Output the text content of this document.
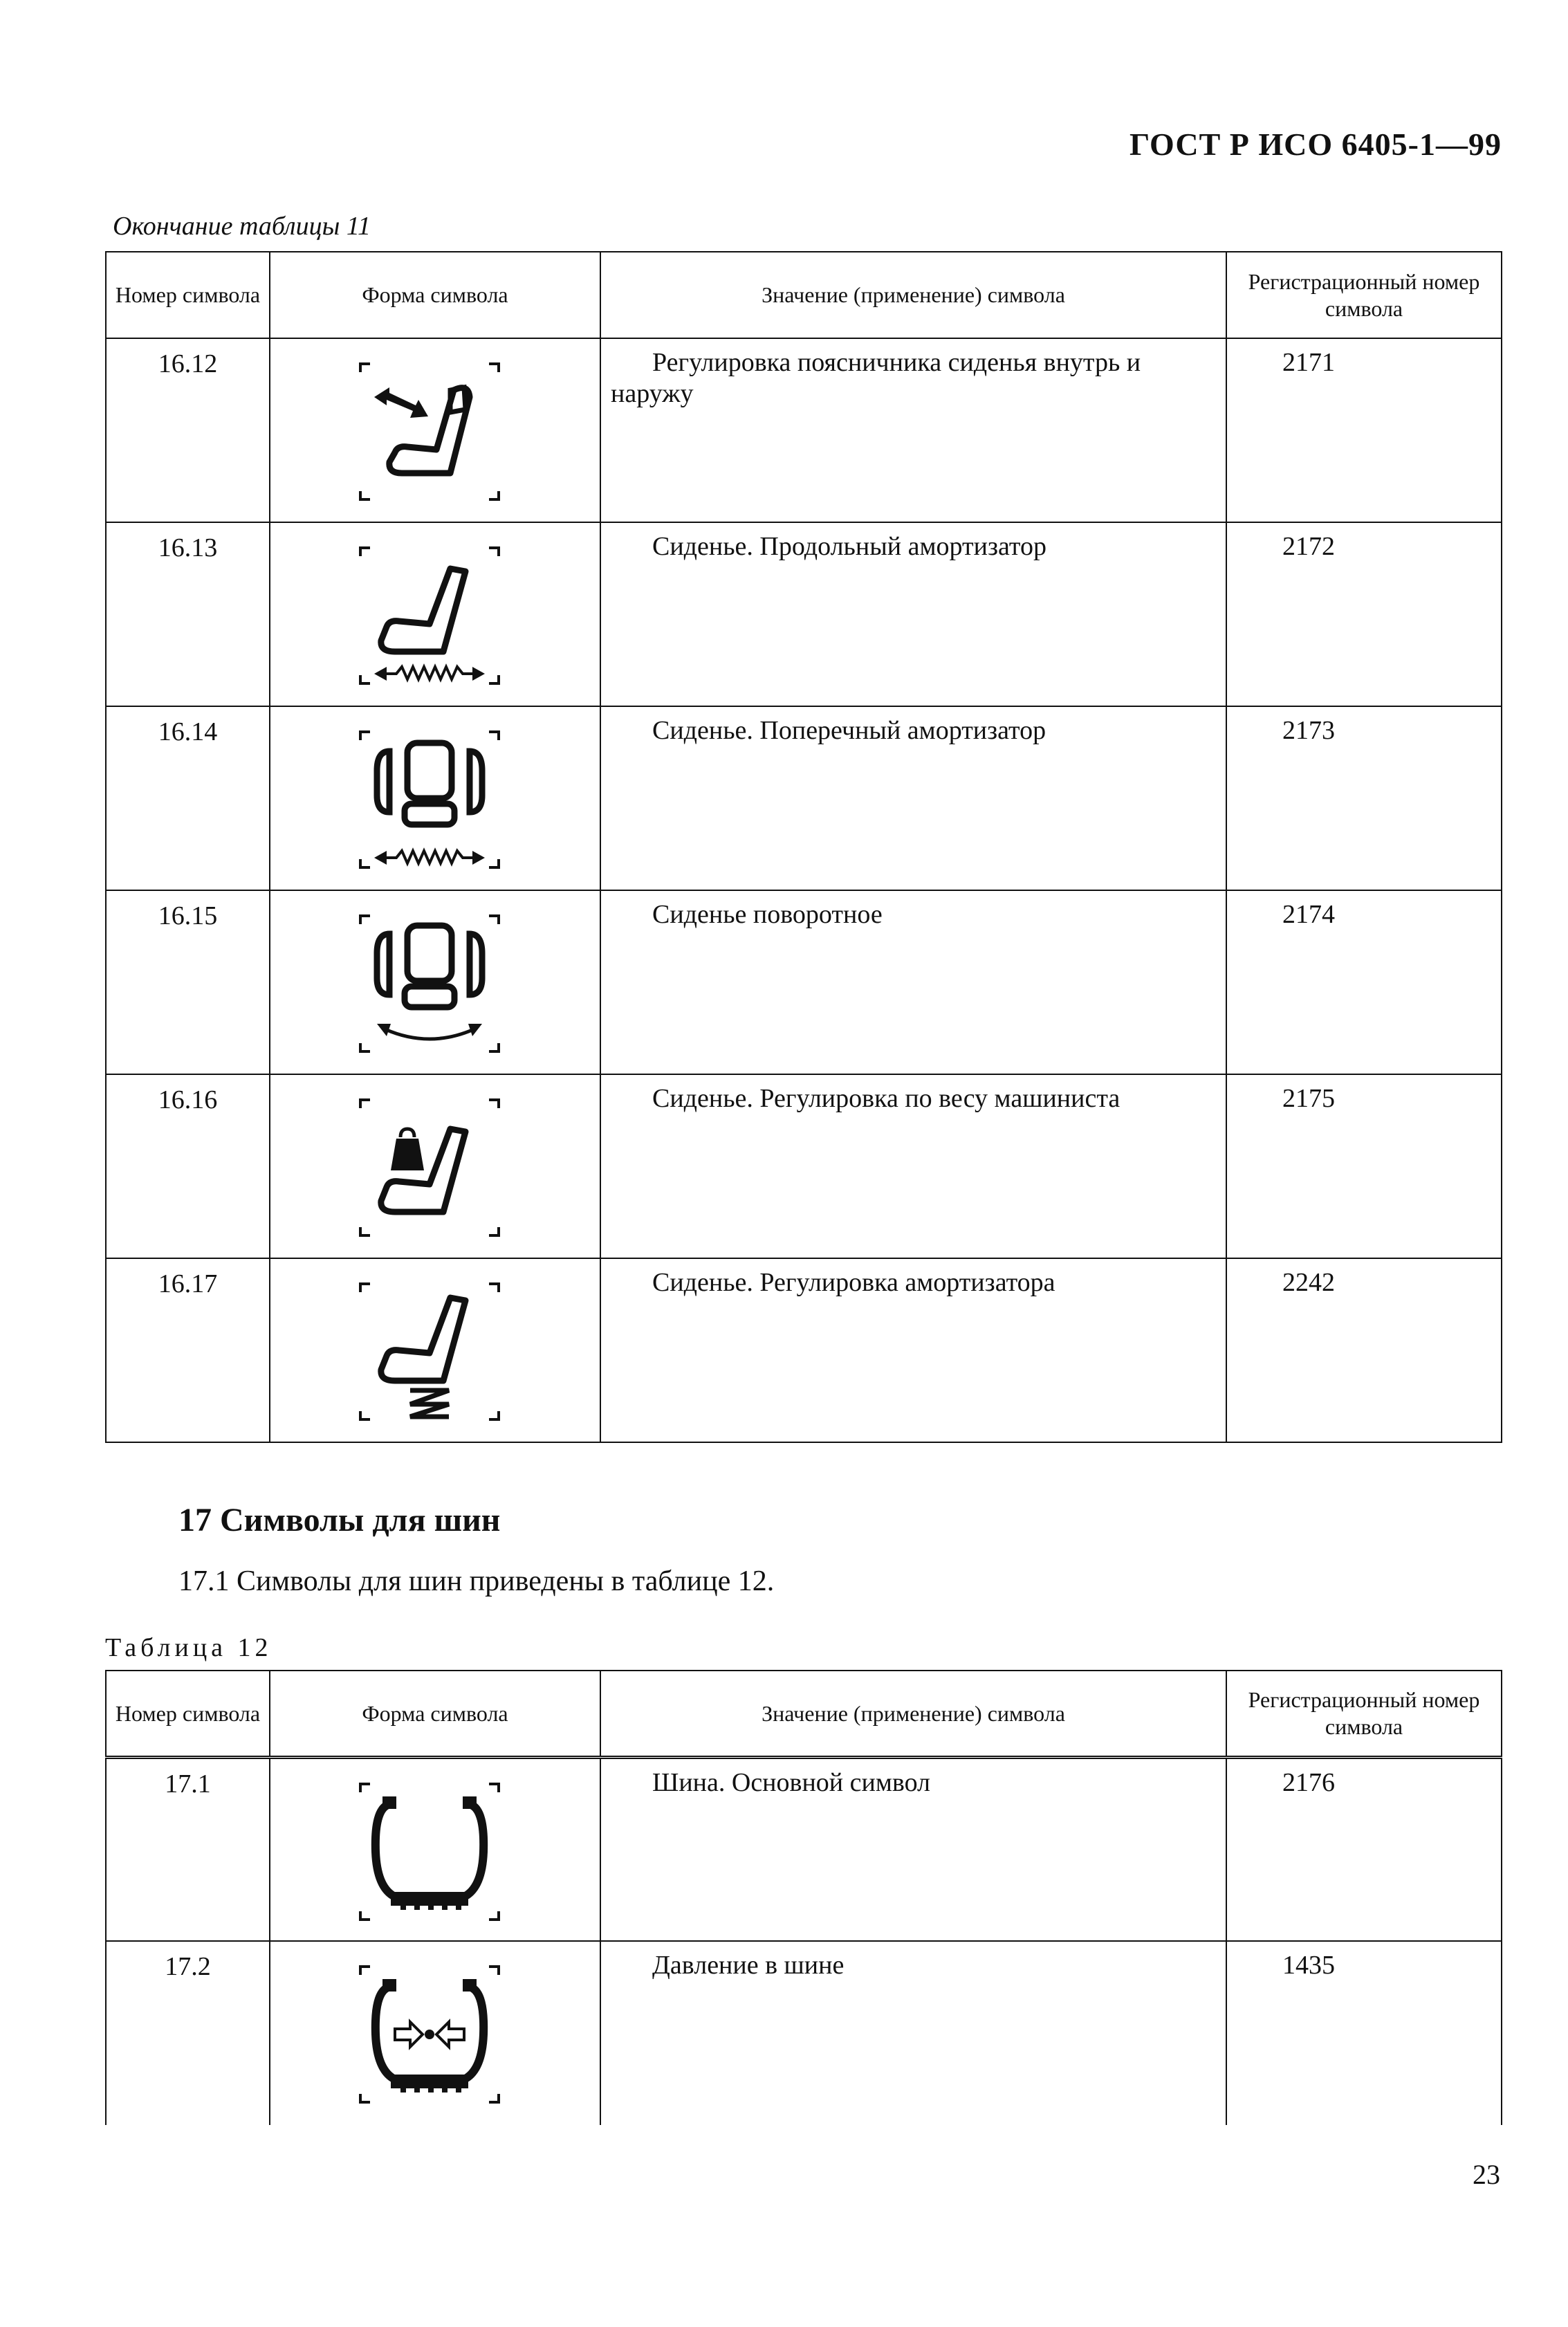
ГОСТ Р ИСО 6405-1—99
Окончание таблицы 11
Номер символа	Форма символа	Значение (применение) символа	Регистрационный номер символа
16.12		Регулировка поясничника сиденья внутрь и наружу	2171
16.13		Сиденье. Продольный амортизатор	2172
16.14		Сиденье. Поперечный амортизатор	2173
16.15		Сиденье поворотное	2174
16.16		Сиденье. Регулировка по весу машиниста	2175
16.17		Сиденье. Регулировка амортизатора	2242
17 Символы для шин
17.1 Символы для шин приведены в таблице 12.
Таблица 12
Номер символа	Форма символа	Значение (применение) символа	Регистрационный номер символа
17.1		Шина. Основной символ	2176
17.2		Давление в шине	1435
23
